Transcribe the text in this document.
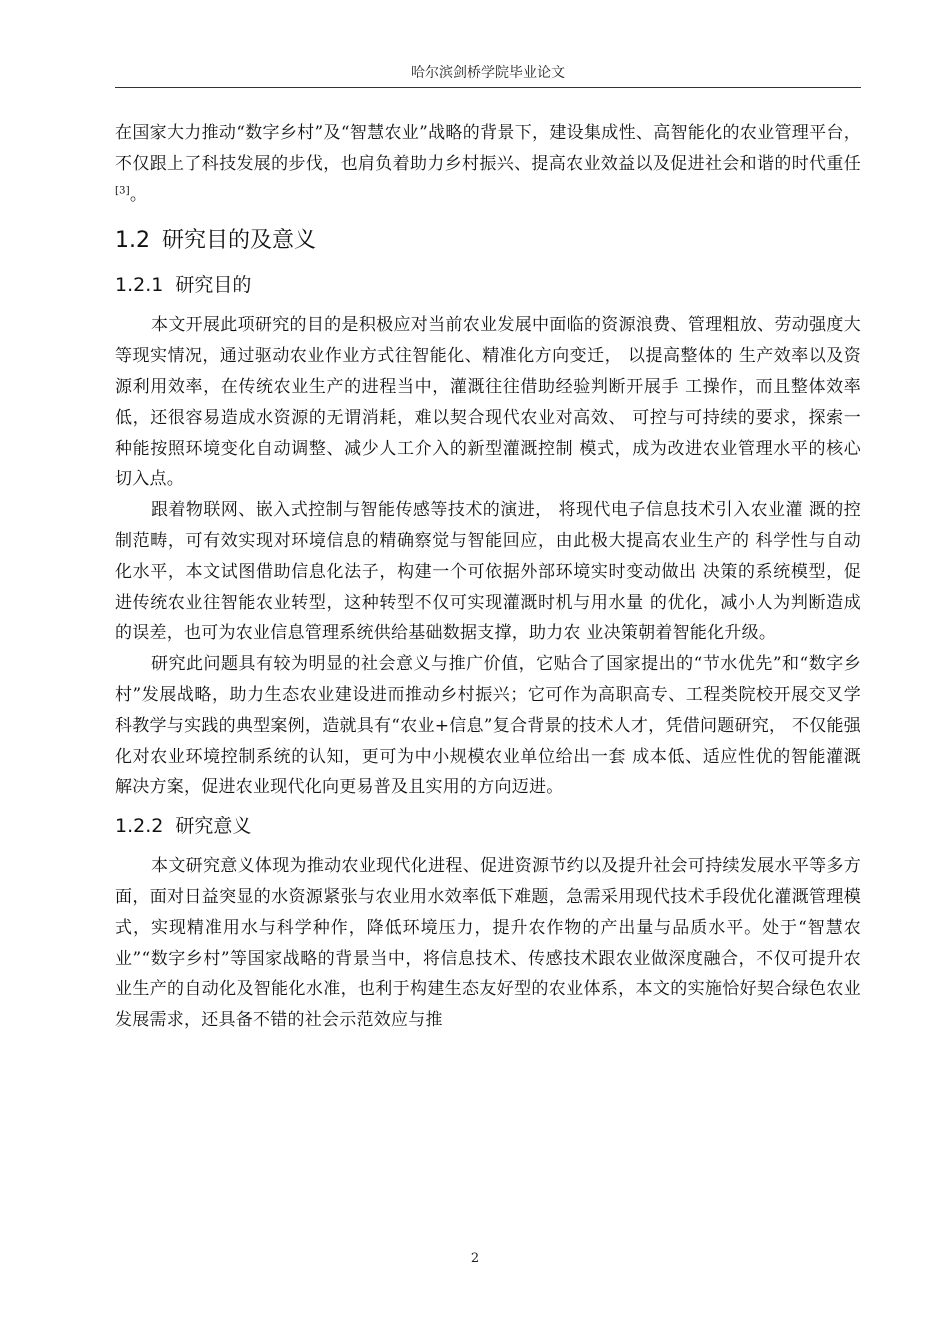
哈尔滨剑桥学院毕业论文

在国家大力推动“数字乡村”及“智慧农业”战略的背景下，建设集成性、高智能化的农业管理平台，不仅跟上了科技发展的步伐，也肩负着助力乡村振兴、提高农业效益以及促进社会和谐的时代重任[3]。

1.2 研究目的及意义
1.2.1 研究目的

本文开展此项研究的目的是积极应对当前农业发展中面临的资源浪费、管理粗放、劳动强度大等现实情况，通过驱动农业作业方式往智能化、精准化方向变迁， 以提高整体的 生产效率以及资源利用效率，在传统农业生产的进程当中，灌溉往往借助经验判断开展手 工操作，而且整体效率低，还很容易造成水资源的无谓消耗，难以契合现代农业对高效、 可控与可持续的要求，探索一种能按照环境变化自动调整、减少人工介入的新型灌溉控制 模式，成为改进农业管理水平的核心切入点。

跟着物联网、嵌入式控制与智能传感等技术的演进， 将现代电子信息技术引入农业灌 溉的控制范畴，可有效实现对环境信息的精确察觉与智能回应，由此极大提高农业生产的 科学性与自动化水平，本文试图借助信息化法子，构建一个可依据外部环境实时变动做出 决策的系统模型，促进传统农业往智能农业转型，这种转型不仅可实现灌溉时机与用水量 的优化，减小人为判断造成的误差，也可为农业信息管理系统供给基础数据支撑，助力农 业决策朝着智能化升级。

研究此问题具有较为明显的社会意义与推广价值，它贴合了国家提出的“节水优先”和“数字乡村”发展战略，助力生态农业建设进而推动乡村振兴；它可作为高职高专、工程类院校开展交叉学科教学与实践的典型案例，造就具有“农业+信息”复合背景的技术人才，凭借问题研究， 不仅能强化对农业环境控制系统的认知，更可为中小规模农业单位给出一套 成本低、适应性优的智能灌溉解决方案，促进农业现代化向更易普及且实用的方向迈进。

1.2.2 研究意义

本文研究意义体现为推动农业现代化进程、促进资源节约以及提升社会可持续发展水平等多方面，面对日益突显的水资源紧张与农业用水效率低下难题，急需采用现代技术手段优化灌溉管理模式，实现精准用水与科学种作，降低环境压力，提升农作物的产出量与品质水平。处于“智慧农业”“数字乡村”等国家战略的背景当中，将信息技术、传感技术跟农业做深度融合，不仅可提升农业生产的自动化及智能化水准，也利于构建生态友好型的农业体系，本文的实施恰好契合绿色农业发展需求，还具备不错的社会示范效应与推

2
